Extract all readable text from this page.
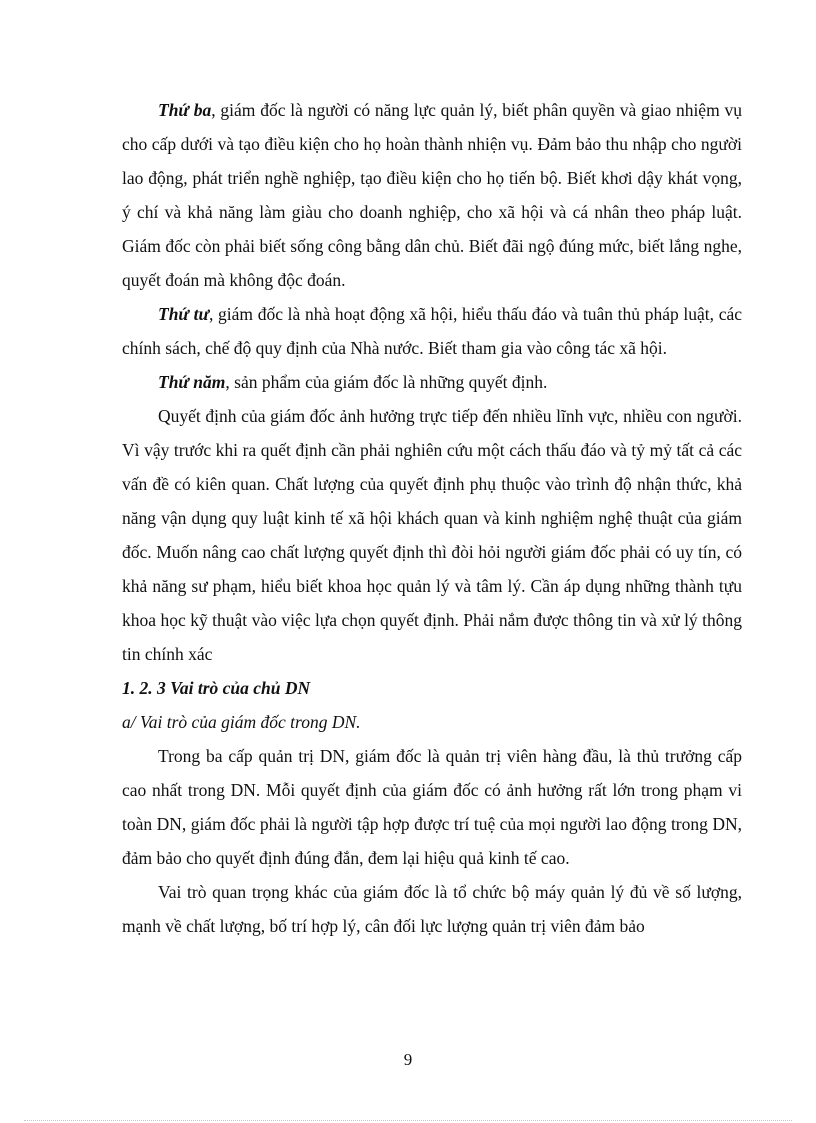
Thứ ba, giám đốc là người có năng lực quản lý, biết phân quyền và giao nhiệm vụ cho cấp dưới và tạo điều kiện cho họ hoàn thành nhiện vụ. Đảm bảo thu nhập cho người lao động, phát triển nghề nghiệp, tạo điều kiện cho họ tiến bộ. Biết khơi dậy khát vọng, ý chí và khả năng làm giàu cho doanh nghiệp, cho xã hội và cá nhân theo pháp luật. Giám đốc còn phải biết sống công bằng dân chủ. Biết đãi ngộ đúng mức, biết lắng nghe, quyết đoán mà không độc đoán.

Thứ tư, giám đốc là nhà hoạt động xã hội, hiểu thấu đáo và tuân thủ pháp luật, các chính sách, chế độ quy định của Nhà nước. Biết tham gia vào công tác xã hội.

Thứ năm, sản phẩm của giám đốc là những quyết định.

Quyết định của giám đốc ảnh hưởng trực tiếp đến nhiều lĩnh vực, nhiều con người. Vì vậy trước khi ra quết định cần phải nghiên cứu một cách thấu đáo và tỷ mỷ tất cả các vấn đề có kiên quan. Chất lượng của quyết định phụ thuộc vào trình độ nhận thức, khả năng vận dụng quy luật kinh tế xã hội khách quan và kinh nghiệm nghệ thuật của giám đốc. Muốn nâng cao chất lượng quyết định thì đòi hỏi người giám đốc phải có uy tín, có khả năng sư phạm, hiểu biết khoa học quản lý và tâm lý. Cần áp dụng những thành tựu khoa học kỹ thuật vào việc lựa chọn quyết định. Phải nắm được thông tin và xử lý thông tin chính xác

1. 2. 3 Vai trò của chủ DN

a/ Vai trò của giám đốc trong DN.

Trong ba cấp quản trị DN, giám đốc là quản trị viên hàng đầu, là thủ trưởng cấp cao nhất trong DN. Mỗi quyết định của giám đốc có ảnh hưởng rất lớn trong phạm vi toàn DN, giám đốc phải là người tập hợp được trí tuệ của mọi người lao động trong DN, đảm bảo cho quyết định đúng đắn, đem lại hiệu quả kinh tế cao.

Vai trò quan trọng khác của giám đốc là tổ chức bộ máy quản lý đủ về số lượng, mạnh về chất lượng, bố trí hợp lý, cân đối lực lượng quản trị viên đảm bảo

9
